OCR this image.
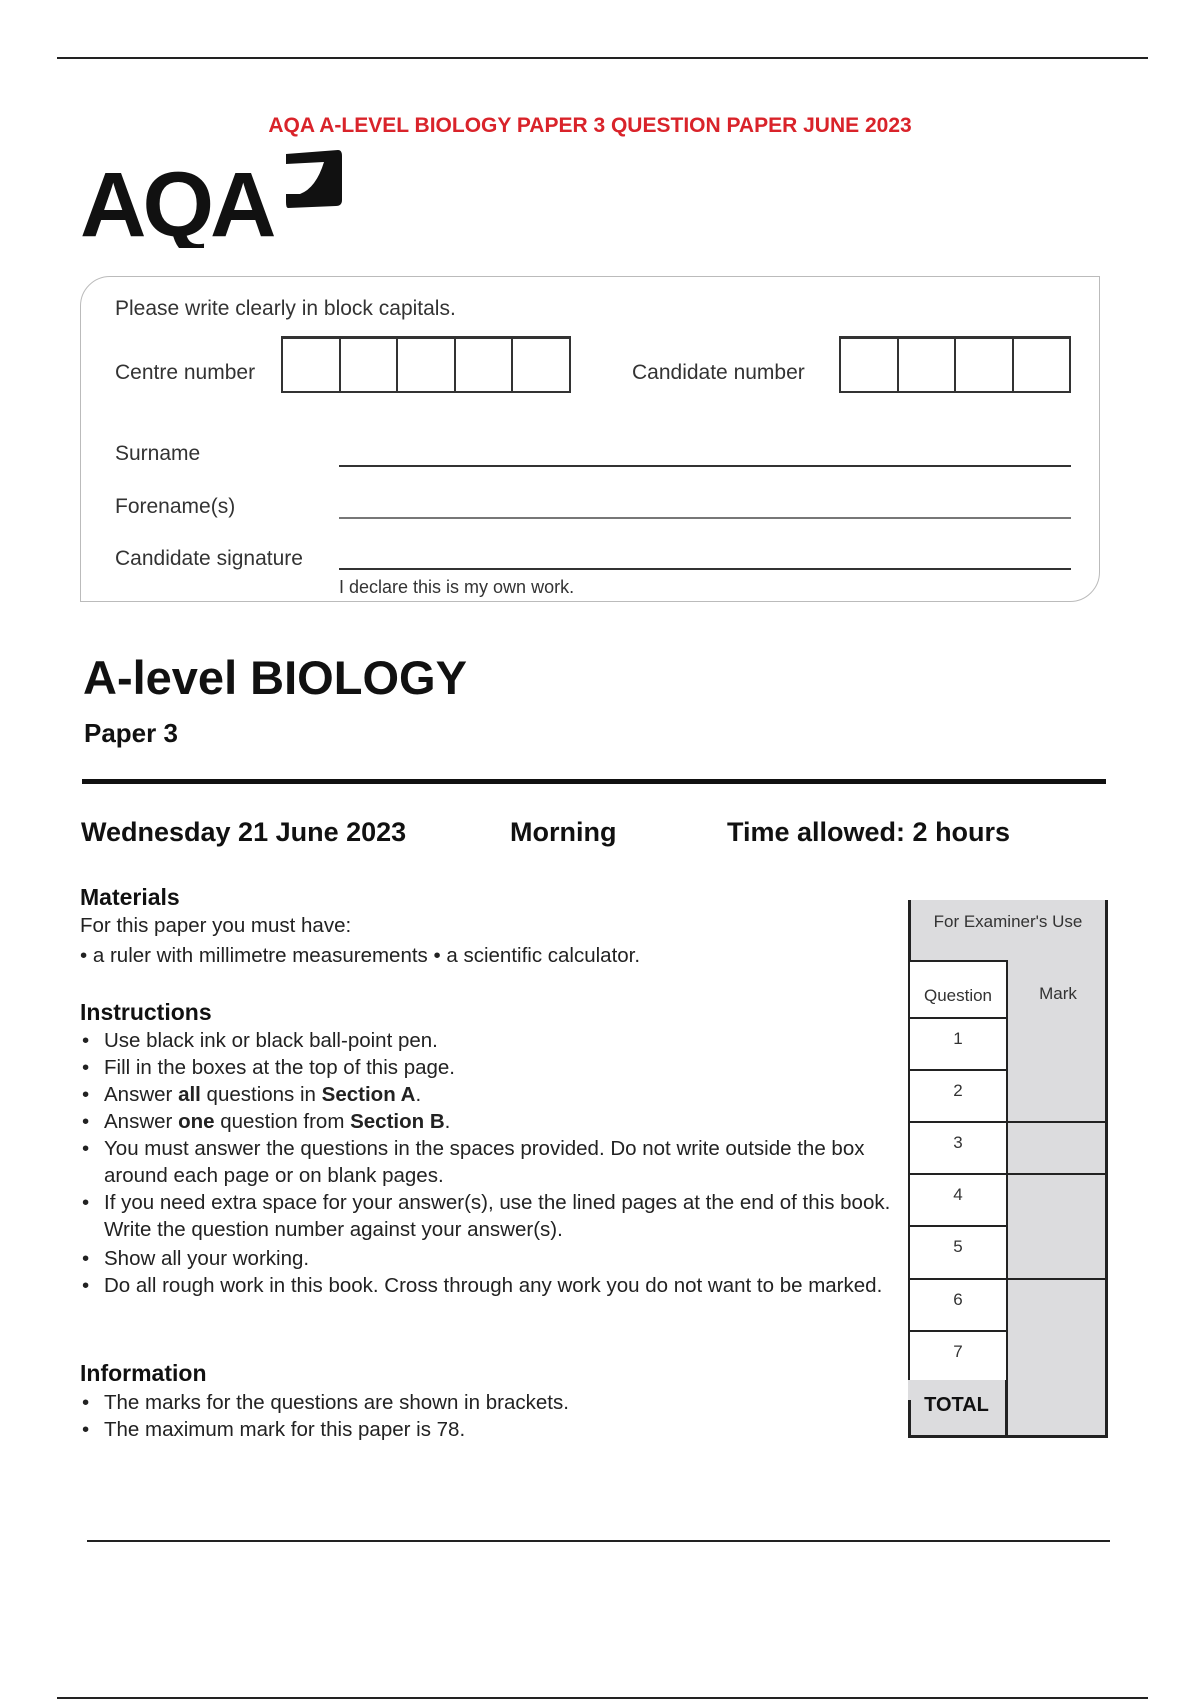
AQA A-LEVEL BIOLOGY PAPER 3 QUESTION PAPER JUNE 2023
AQA
Please write clearly in block capitals.
Centre number	Candidate number
Surname
Forename(s)
Candidate signature
I declare this is my own work.
A-level BIOLOGY
Paper 3
Wednesday 21 June 2023	Morning	Time allowed: 2 hours
Materials
For this paper you must have:
• a ruler with millimetre measurements • a scientific calculator.
Instructions
• Use black ink or black ball-point pen.
• Fill in the boxes at the top of this page.
• Answer all questions in Section A.
• Answer one question from Section B.
• You must answer the questions in the spaces provided. Do not write outside the box around each page or on blank pages.
• If you need extra space for your answer(s), use the lined pages at the end of this book. Write the question number against your answer(s).
• Show all your working.
• Do all rough work in this book. Cross through any work you do not want to be marked.
Information
• The marks for the questions are shown in brackets.
• The maximum mark for this paper is 78.
For Examiner's Use
Question	Mark
1
2
3
4
5
6
7
TOTAL
